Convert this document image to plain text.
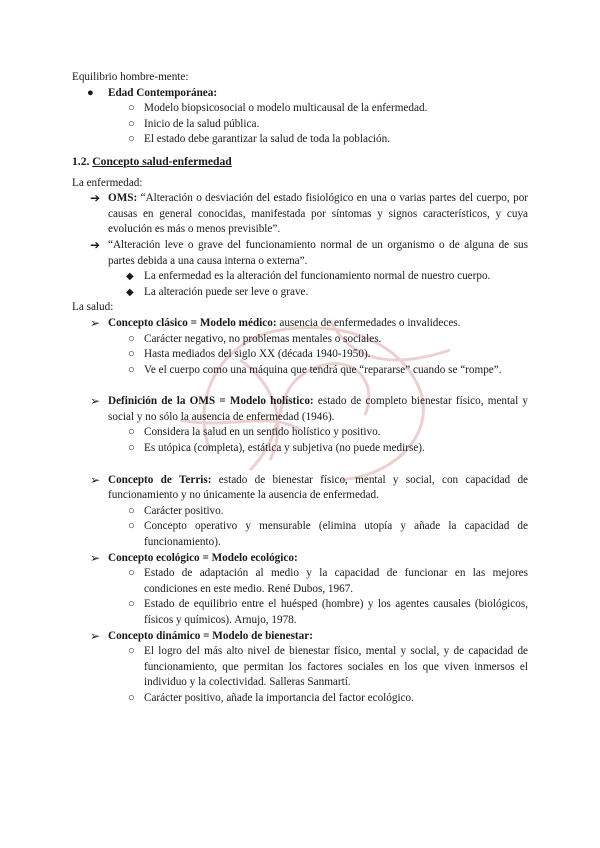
Equilibrio hombre-mente:

● Edad Contemporánea:
○ Modelo biopsicosocial o modelo multicausal de la enfermedad.
○ Inicio de la salud pública.
○ El estado debe garantizar la salud de toda la población.

1.2. Concepto salud-enfermedad

La enfermedad:

➔ OMS: “Alteración o desviación del estado fisiológico en una o varias partes del cuerpo, por causas en general conocidas, manifestada por síntomas y signos característicos, y cuya evolución es más o menos previsible”.
➔ “Alteración leve o grave del funcionamiento normal de un organismo o de alguna de sus partes debida a una causa interna o externa”.
◆ La enfermedad es la alteración del funcionamiento normal de nuestro cuerpo.
◆ La alteración puede ser leve o grave.

La salud:

➢ Concepto clásico = Modelo médico: ausencia de enfermedades o invalideces.
○ Carácter negativo, no problemas mentales o sociales.
○ Hasta mediados del siglo XX (década 1940-1950).
○ Ve el cuerpo como una máquina que tendrá que “repararse” cuando se “rompe”.
➢ Definición de la OMS = Modelo holístico: estado de completo bienestar físico, mental y social y no sólo la ausencia de enfermedad (1946).
○ Considera la salud en un sentido holístico y positivo.
○ Es utópica (completa), estática y subjetiva (no puede medirse).
➢ Concepto de Terris: estado de bienestar físico, mental y social, con capacidad de funcionamiento y no únicamente la ausencia de enfermedad.
○ Carácter positivo.
○ Concepto operativo y mensurable (elimina utopía y añade la capacidad de funcionamiento).
➢ Concepto ecológico = Modelo ecológico:
○ Estado de adaptación al medio y la capacidad de funcionar en las mejores condiciones en este medio. René Dubos, 1967.
○ Estado de equilibrio entre el huésped (hombre) y los agentes causales (biológicos, físicos y químicos). Arnujo, 1978.
➢ Concepto dinámico = Modelo de bienestar:
○ El logro del más alto nivel de bienestar físico, mental y social, y de capacidad de funcionamiento, que permitan los factores sociales en los que viven inmersos el individuo y la colectividad. Salleras Sanmartí.
○ Carácter positivo, añade la importancia del factor ecológico.
